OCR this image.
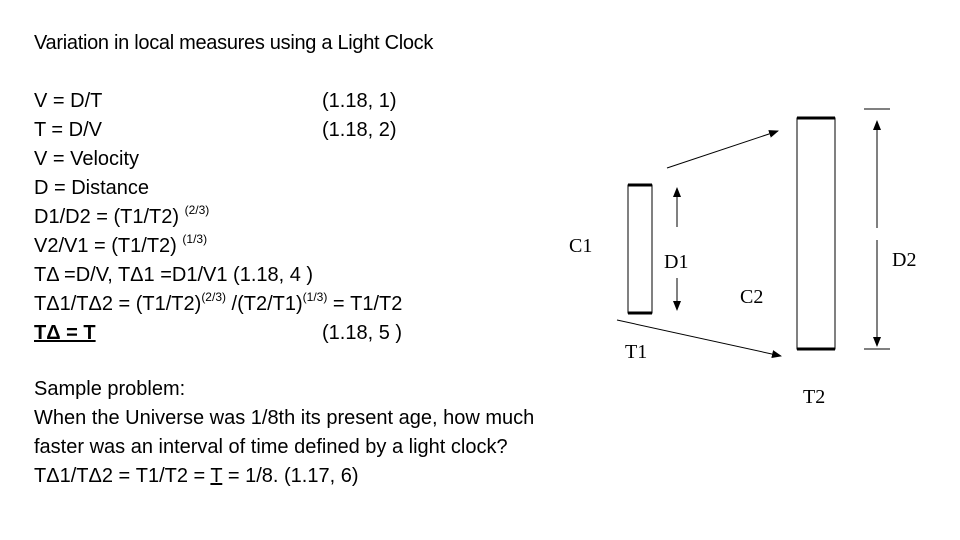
Variation in local measures using a Light Clock
V = D/T	(1.18, 1)
T = D/V	(1.18, 2)
V = Velocity
D = Distance
D1/D2 = (T1/T2) $^{(2/3)}$
V2/V1 = (T1/T2) $^{(1/3)}$
TΔ =D/V, TΔ1 =D1/V1 (1.18, 4 )
$T\Delta 1/T\Delta 2 = (T1/T2)^{(2/3)}$ $/(T2/T1)^{(1/3)} = T1/T2$
TΔ = T	(1.18, 5 )
Sample problem:
When the Universe was 1/8th its present age, how much
faster was an interval of time defined by a light clock?
TΔ1/TΔ2 = T1/T2 = T = 1/8. (1.17, 6)
C1
D1
C2
D2
T1
T2
